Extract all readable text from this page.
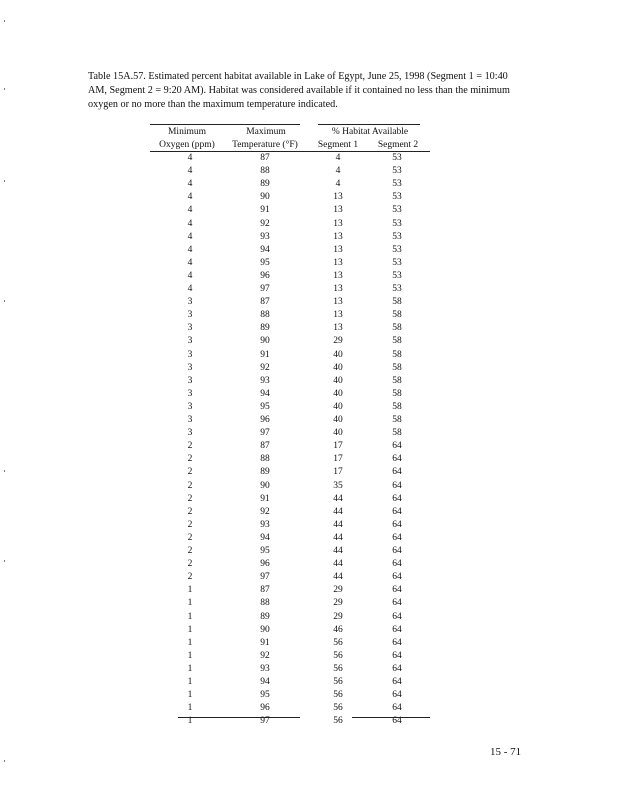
Table 15A.57. Estimated percent habitat available in Lake of Egypt, June 25, 1998 (Segment 1 = 10:40 AM, Segment 2 = 9:20 AM). Habitat was considered available if it contained no less than the minimum oxygen or no more than the maximum temperature indicated.
Minimum	Maximum	% Habitat Available
Oxygen (ppm)	Temperature (°F)	Segment 1	Segment 2
4	87	4	53
4	88	4	53
4	89	4	53
4	90	13	53
4	91	13	53
4	92	13	53
4	93	13	53
4	94	13	53
4	95	13	53
4	96	13	53
4	97	13	53
3	87	13	58
3	88	13	58
3	89	13	58
3	90	29	58
3	91	40	58
3	92	40	58
3	93	40	58
3	94	40	58
3	95	40	58
3	96	40	58
3	97	40	58
2	87	17	64
2	88	17	64
2	89	17	64
2	90	35	64
2	91	44	64
2	92	44	64
2	93	44	64
2	94	44	64
2	95	44	64
2	96	44	64
2	97	44	64
1	87	29	64
1	88	29	64
1	89	29	64
1	90	46	64
1	91	56	64
1	92	56	64
1	93	56	64
1	94	56	64
1	95	56	64
1	96	56	64
1	97	56	64
15 - 71
